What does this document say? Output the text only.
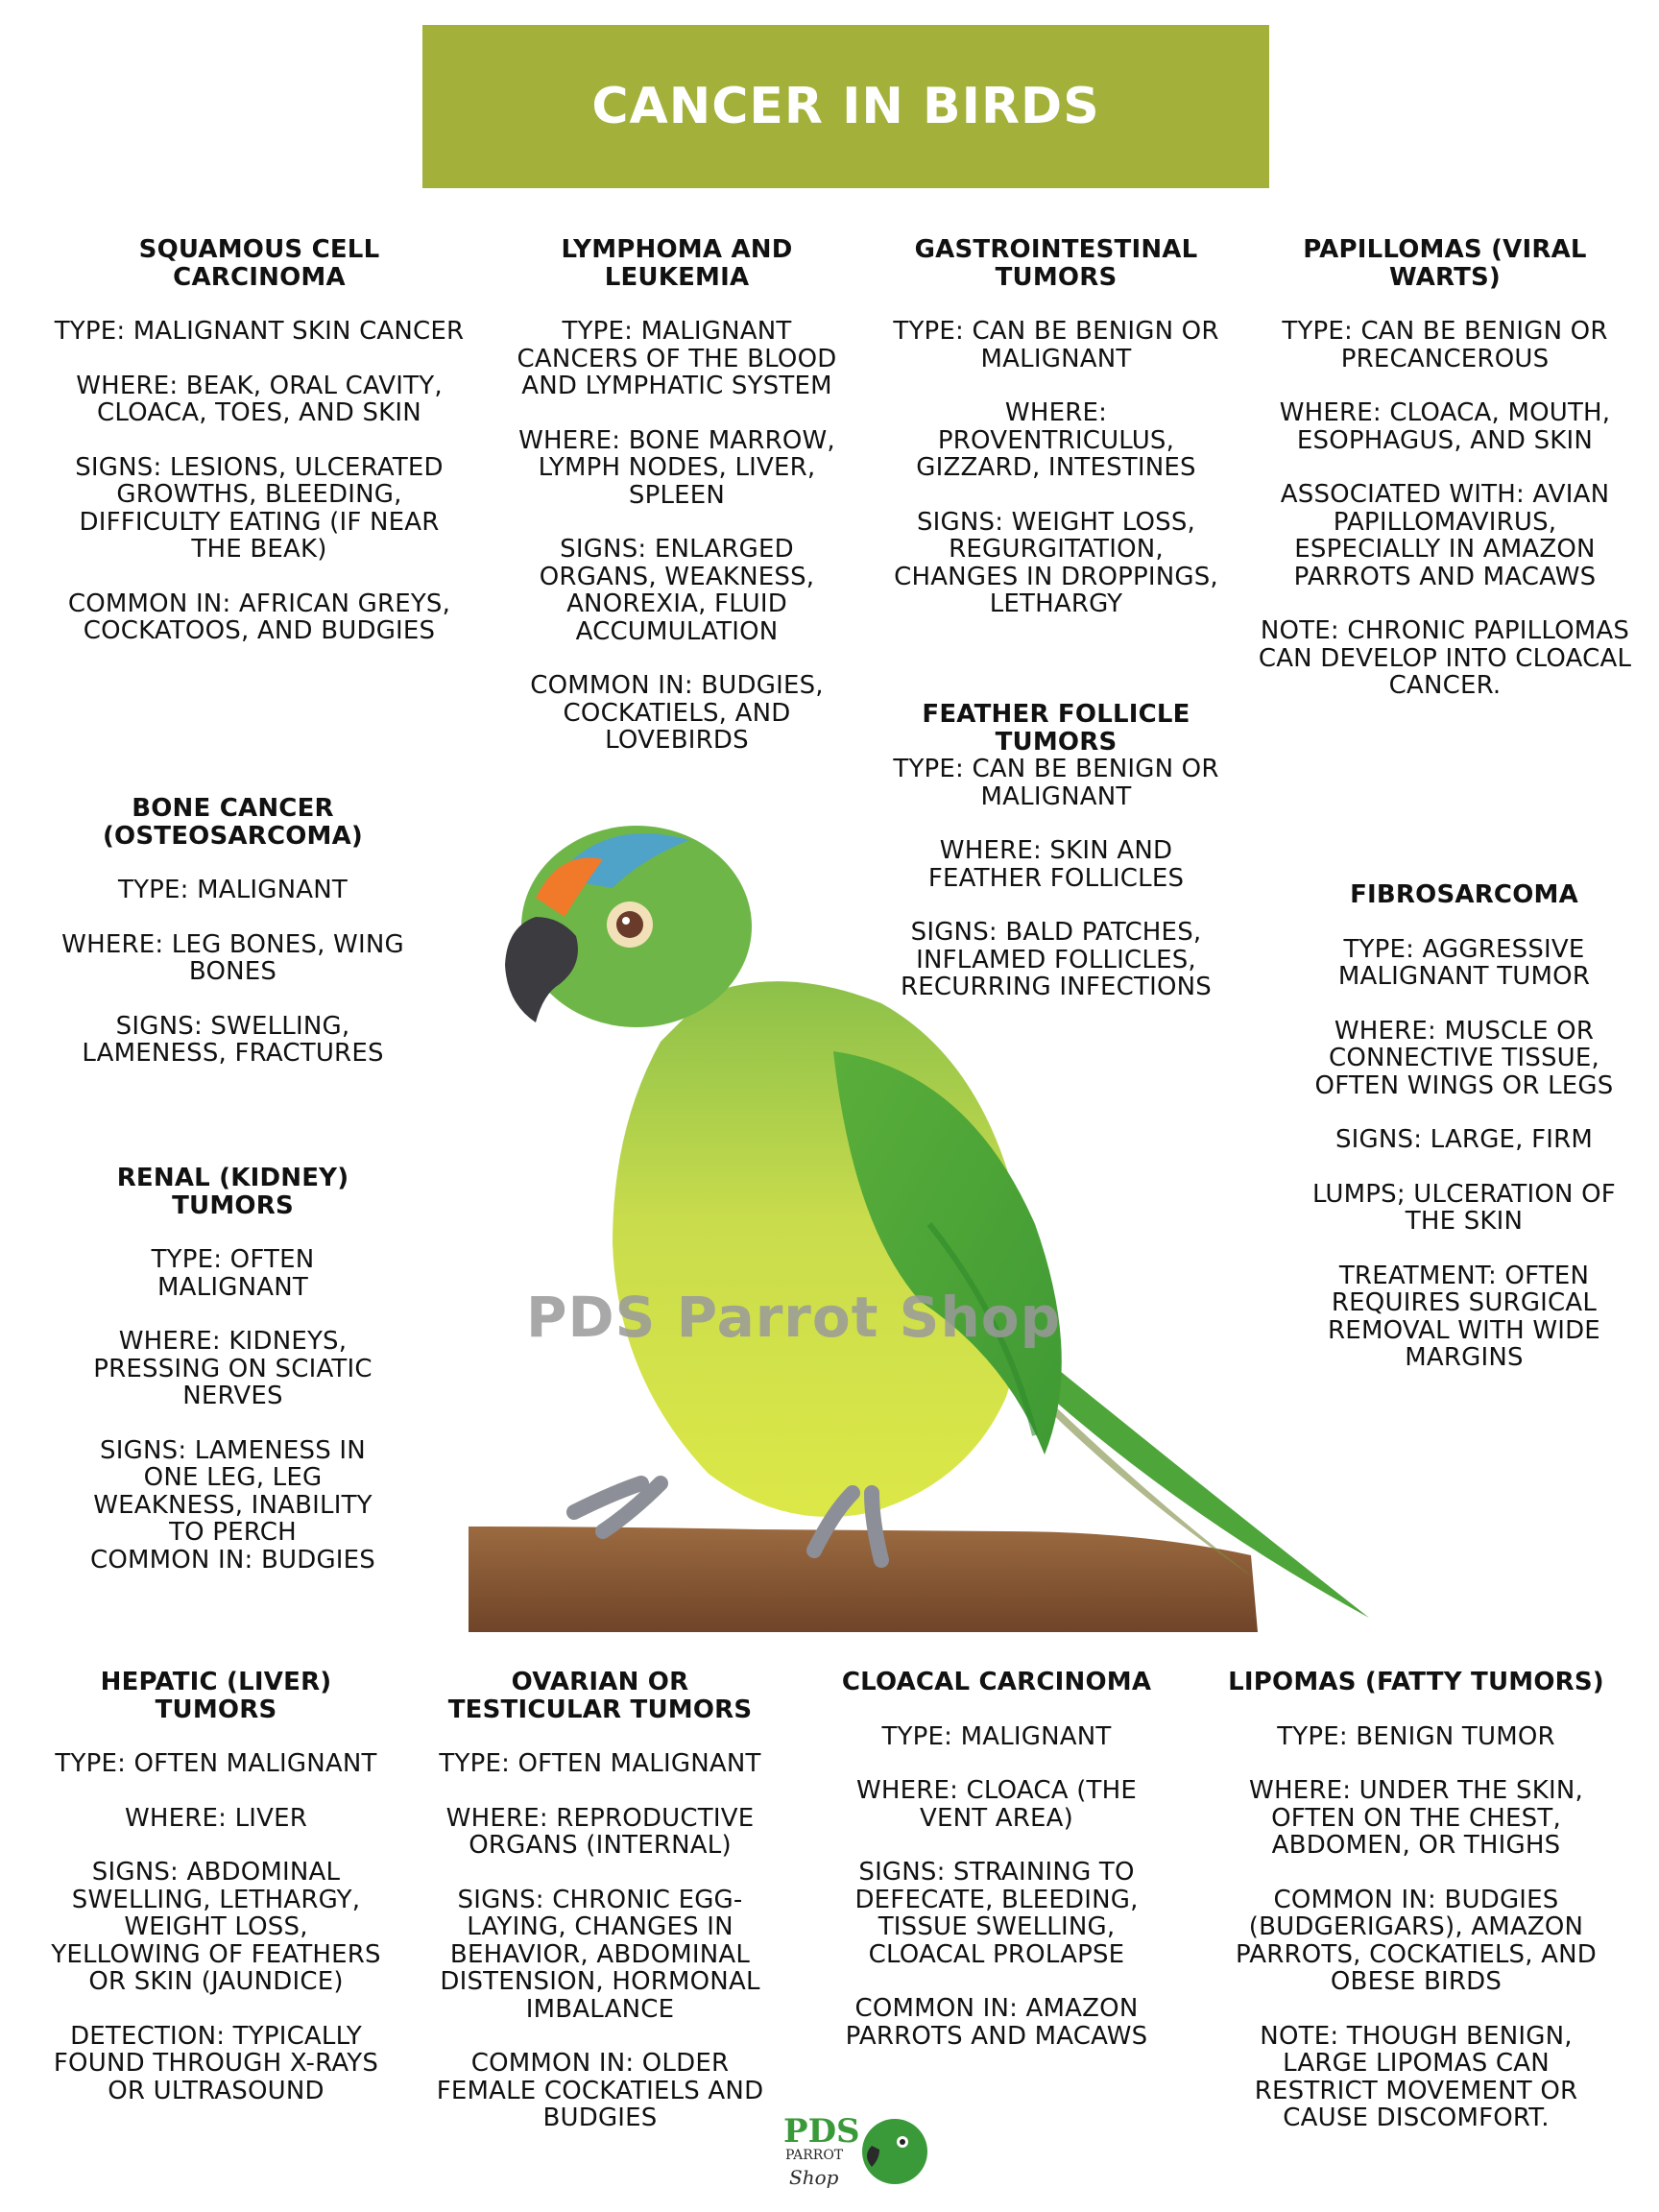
CANCER IN BIRDS
SQUAMOUS CELL CARCINOMA

TYPE: MALIGNANT SKIN CANCER

WHERE: BEAK, ORAL CAVITY, CLOACA, TOES, AND SKIN

SIGNS: LESIONS, ULCERATED GROWTHS, BLEEDING, DIFFICULTY EATING (IF NEAR THE BEAK)

COMMON IN: AFRICAN GREYS, COCKATOOS, AND BUDGIES

LYMPHOMA AND LEUKEMIA

TYPE: MALIGNANT CANCERS OF THE BLOOD AND LYMPHATIC SYSTEM

WHERE: BONE MARROW, LYMPH NODES, LIVER, SPLEEN

SIGNS: ENLARGED ORGANS, WEAKNESS, ANOREXIA, FLUID ACCUMULATION

COMMON IN: BUDGIES, COCKATIELS, AND LOVEBIRDS

GASTROINTESTINAL TUMORS

TYPE: CAN BE BENIGN OR MALIGNANT

WHERE: PROVENTRICULUS, GIZZARD, INTESTINES

SIGNS: WEIGHT LOSS, REGURGITATION, CHANGES IN DROPPINGS, LETHARGY

PAPILLOMAS (VIRAL WARTS)

TYPE: CAN BE BENIGN OR PRECANCEROUS

WHERE: CLOACA, MOUTH, ESOPHAGUS, AND SKIN

ASSOCIATED WITH: AVIAN PAPILLOMAVIRUS, ESPECIALLY IN AMAZON PARROTS AND MACAWS

NOTE: CHRONIC PAPILLOMAS CAN DEVELOP INTO CLOACAL CANCER.

FEATHER FOLLICLE TUMORS

TYPE: CAN BE BENIGN OR MALIGNANT

WHERE: SKIN AND FEATHER FOLLICLES

SIGNS: BALD PATCHES, INFLAMED FOLLICLES, RECURRING INFECTIONS

BONE CANCER (OSTEOSARCOMA)

TYPE: MALIGNANT

WHERE: LEG BONES, WING BONES

SIGNS: SWELLING, LAMENESS, FRACTURES

FIBROSARCOMA

TYPE: AGGRESSIVE MALIGNANT TUMOR

WHERE: MUSCLE OR CONNECTIVE TISSUE, OFTEN WINGS OR LEGS

SIGNS: LARGE, FIRM

LUMPS; ULCERATION OF THE SKIN

TREATMENT: OFTEN REQUIRES SURGICAL REMOVAL WITH WIDE MARGINS

RENAL (KIDNEY) TUMORS

TYPE: OFTEN MALIGNANT

WHERE: KIDNEYS, PRESSING ON SCIATIC NERVES

SIGNS: LAMENESS IN ONE LEG, LEG WEAKNESS, INABILITY TO PERCH

COMMON IN: BUDGIES

PDS Parrot Shop
HEPATIC (LIVER) TUMORS

TYPE: OFTEN MALIGNANT

WHERE: LIVER

SIGNS: ABDOMINAL SWELLING, LETHARGY, WEIGHT LOSS, YELLOWING OF FEATHERS OR SKIN (JAUNDICE)

DETECTION: TYPICALLY FOUND THROUGH X-RAYS OR ULTRASOUND

OVARIAN OR TESTICULAR TUMORS

TYPE: OFTEN MALIGNANT

WHERE: REPRODUCTIVE ORGANS (INTERNAL)

SIGNS: CHRONIC EGG-LAYING, CHANGES IN BEHAVIOR, ABDOMINAL DISTENSION, HORMONAL IMBALANCE

COMMON IN: OLDER FEMALE COCKATIELS AND BUDGIES

CLOACAL CARCINOMA

TYPE: MALIGNANT

WHERE: CLOACA (THE VENT AREA)

SIGNS: STRAINING TO DEFECATE, BLEEDING, TISSUE SWELLING, CLOACAL PROLAPSE

COMMON IN: AMAZON PARROTS AND MACAWS

LIPOMAS (FATTY TUMORS)

TYPE: BENIGN TUMOR

WHERE: UNDER THE SKIN, OFTEN ON THE CHEST, ABDOMEN, OR THIGHS

COMMON IN: BUDGIES (BUDGERIGARS), AMAZON PARROTS, COCKATIELS, AND OBESE BIRDS

NOTE: THOUGH BENIGN, LARGE LIPOMAS CAN RESTRICT MOVEMENT OR CAUSE DISCOMFORT.

PDS
PARROT
Shop
